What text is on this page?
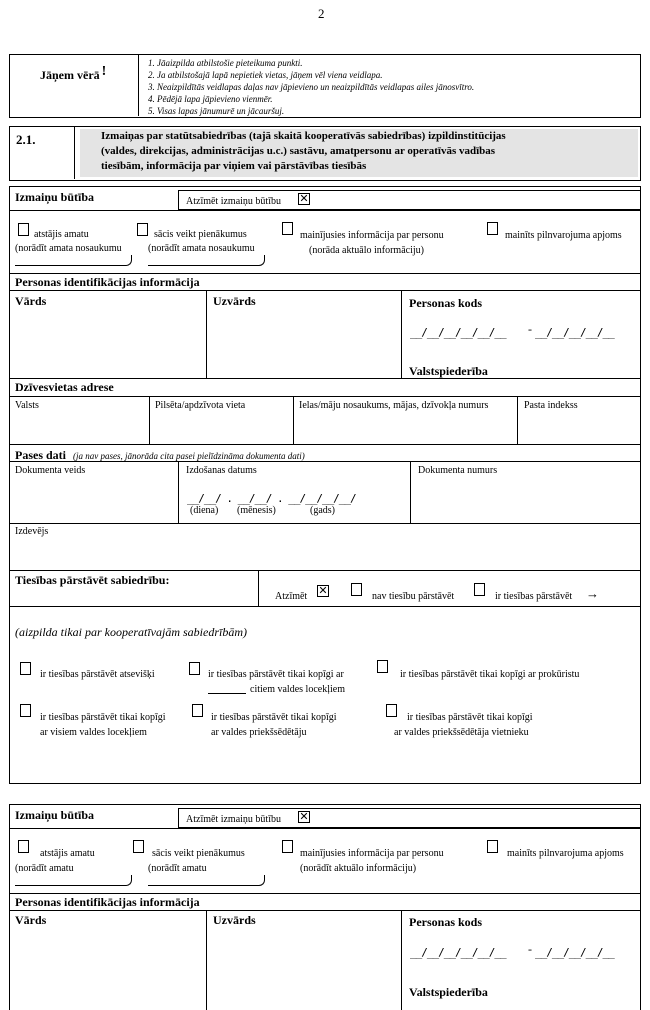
2
Jāņem vērā !
1. Jāaizpilda atbilstošie pieteikuma punkti.
2. Ja atbilstošajā lapā nepietiek vietas, jāņem vēl viena veidlapa.
3. Neaizpildītās veidlapas daļas nav jāpievieno un neaizpildītās veidlapas ailes jānosvītro.
4. Pēdējā lapa jāpievieno vienmēr.
5. Visas lapas jānumurē un jācauršuj.
2.1.	Izmaiņas par statūtsabiedrības (tajā skaitā kooperatīvās sabiedrības) izpildinstitūcijas
(valdes, direkcijas, administrācijas u.c.) sastāvu, amatpersonu ar operatīvās vadības
tiesībām, informācija par viņiem vai pārstāvības tiesībās
Izmaiņu būtība	Atzīmēt izmaiņu būtību ✕
atstājis amatu
(norādīt amata nosaukumu
sācis veikt pienākumus
(norādīt amata nosaukumu
mainījusies informācija par personu
(norāda aktuālo informāciju)
mainīts pilnvarojuma apjoms
Personas identifikācijas informācija
Vārds	Uzvārds	Personas kods
__/__/__/__/__/__ - __/__/__/__/__
Valstspiederība
Dzīvesvietas adrese
Valsts	Pilsēta/apdzīvota vieta	Ielas/māju nosaukums, mājas, dzīvokļa numurs	Pasta indekss
Pases dati (ja nav pases, jānorāda cita pasei pielīdzināma dokumenta dati)
Dokumenta veids	Izdošanas datums	Dokumenta numurs
__/__/ . __/__/ . __/__/__/__/
(diena) (mēnesis)	(gads)
Izdevējs
Tiesības pārstāvēt sabiedrību:
Atzīmēt ✕	nav tiesību pārstāvēt	ir tiesības pārstāvēt →
(aizpilda tikai par kooperatīvajām sabiedrībām)
ir tiesības pārstāvēt atsevišķi	ir tiesības pārstāvēt tikai kopīgi ar
citiem valdes locekļiem
ir tiesības pārstāvēt tikai kopīgi ar prokūristu
ir tiesības pārstāvēt tikai kopīgi
ar visiem valdes locekļiem
ir tiesības pārstāvēt tikai kopīgi
ar valdes priekšsēdētāju
ir tiesības pārstāvēt tikai kopīgi
ar valdes priekšsēdētāja vietnieku
Izmaiņu būtība	Atzīmēt izmaiņu būtību ✕
atstājis amatu
(norādīt amatu
sācis veikt pienākumus
(norādīt amatu
mainījusies informācija par personu
(norādīt aktuālo informāciju)
mainīts pilnvarojuma apjoms
Personas identifikācijas informācija
Vārds	Uzvārds	Personas kods
__/__/__/__/__/__ - __/__/__/__/__
Valstspiederība
